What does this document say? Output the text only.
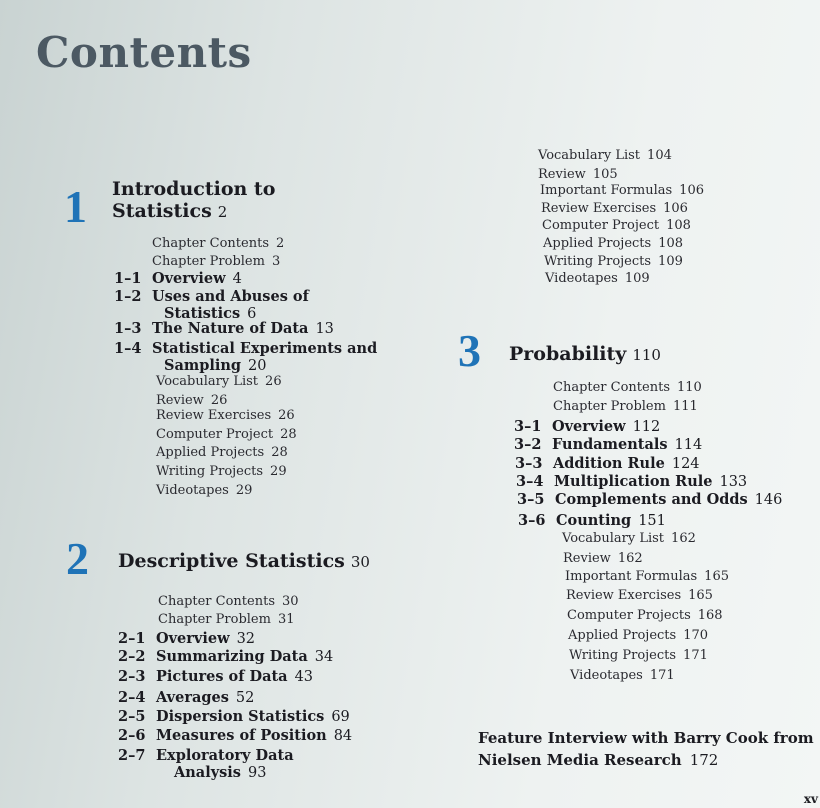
Contents
1 Introduction to
Statistics 2
Chapter Contents 2
Chapter Problem 3
1–1 Overview 4
1–2 Uses and Abuses of
Statistics 6
1–3 The Nature of Data 13
1–4 Statistical Experiments and
Sampling 20
Vocabulary List 26
Review 26
Review Exercises 26
Computer Project 28
Applied Projects 28
Writing Projects 29
Videotapes 29
2 Descriptive Statistics 30
Chapter Contents 30
Chapter Problem 31
2–1 Overview 32
2–2 Summarizing Data 34
2–3 Pictures of Data 43
2–4 Averages 52
2–5 Dispersion Statistics 69
2–6 Measures of Position 84
2–7 Exploratory Data
Analysis 93
Vocabulary List 104
Review 105
Important Formulas 106
Review Exercises 106
Computer Project 108
Applied Projects 108
Writing Projects 109
Videotapes 109
3 Probability 110
Chapter Contents 110
Chapter Problem 111
3–1 Overview 112
3–2 Fundamentals 114
3–3 Addition Rule 124
3–4 Multiplication Rule 133
3–5 Complements and Odds 146
3–6 Counting 151
Vocabulary List 162
Review 162
Important Formulas 165
Review Exercises 165
Computer Projects 168
Applied Projects 170
Writing Projects 171
Videotapes 171
Feature Interview with Barry Cook from
Nielsen Media Research 172
xv
